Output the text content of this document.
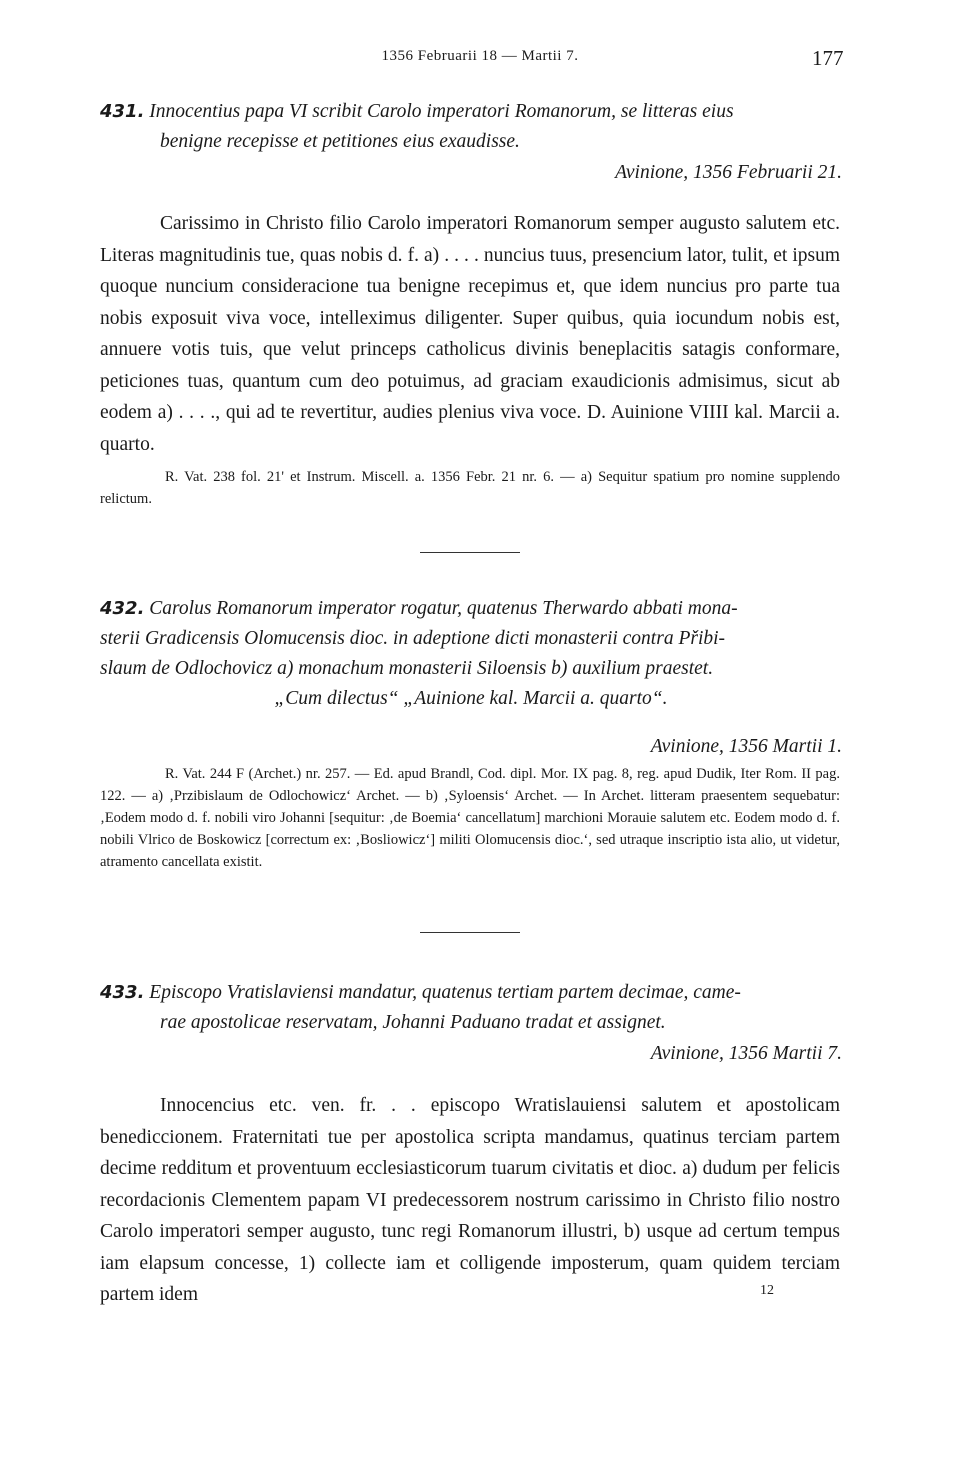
1356 Februarii 18 — Martii 7.	177
431. Innocentius papa VI scribit Carolo imperatori Romanorum, se litteras eius
benigne recepisse et petitiones eius exaudisse.
Avinione, 1356 Februarii 21.

Carissimo in Christo filio Carolo imperatori Romanorum semper augusto salutem etc. Literas magnitudinis tue, quas nobis d. f. a) . . . . nuncius tuus, presencium lator, tulit, et ipsum quoque nuncium consideracione tua benigne recepimus et, que idem nuncius pro parte tua nobis exposuit viva voce, intelleximus diligenter. Super quibus, quia iocundum nobis est, annuere votis tuis, que velut princeps catholicus divinis beneplacitis satagis conformare, peticiones tuas, quantum cum deo potuimus, ad graciam exaudicionis admisimus, sicut ab eodem a) . . . ., qui ad te revertitur, audies plenius viva voce. D. Auinione VIIII kal. Marcii a. quarto.

R. Vat. 238 fol. 21' et Instrum. Miscell. a. 1356 Febr. 21 nr. 6. — a) Sequitur spatium pro nomine supplendo relictum.

432. Carolus Romanorum imperator rogatur, quatenus Therwardo abbati mona-
sterii Gradicensis Olomucensis dioc. in adeptione dicti monasterii contra Přibi-
slaum de Odlochovicz a) monachum monasterii Siloensis b) auxilium praestet.
„Cum dilectus“ „Auinione kal. Marcii a. quarto“.
Avinione, 1356 Martii 1.

R. Vat. 244 F (Archet.) nr. 257. — Ed. apud Brandl, Cod. dipl. Mor. IX pag. 8, reg. apud Dudik, Iter Rom. II pag. 122. — a) ‚Przibislaum de Odlochowicz‘ Archet. — b) ‚Syloensis‘ Archet. — In Archet. litteram praesentem sequebatur: ‚Eodem modo d. f. nobili viro Johanni [sequitur: ‚de Boemia‘ cancellatum] marchioni Morauie salutem etc. Eodem modo d. f. nobili Vlrico de Boskowicz [correctum ex: ‚Bosliowicz‘] militi Olomucensis dioc.‘, sed utraque inscriptio ista alio, ut videtur, atramento cancellata existit.

433. Episcopo Vratislaviensi mandatur, quatenus tertiam partem decimae, came-
rae apostolicae reservatam, Johanni Paduano tradat et assignet.
Avinione, 1356 Martii 7.

Innocencius etc. ven. fr. . . episcopo Wratislauiensi salutem et apostolicam benediccionem. Fraternitati tue per apostolica scripta mandamus, quatinus terciam partem decime redditum et proventuum ecclesiasticorum tuarum civitatis et dioc. a) dudum per felicis recordacionis Clementem papam VI predecessorem nostrum carissimo in Christo filio nostro Carolo imperatori semper augusto, tunc regi Romanorum illustri, b) usque ad certum tempus iam elapsum concesse, 1) collecte iam et colligende imposterum, quam quidem terciam partem idem	12
